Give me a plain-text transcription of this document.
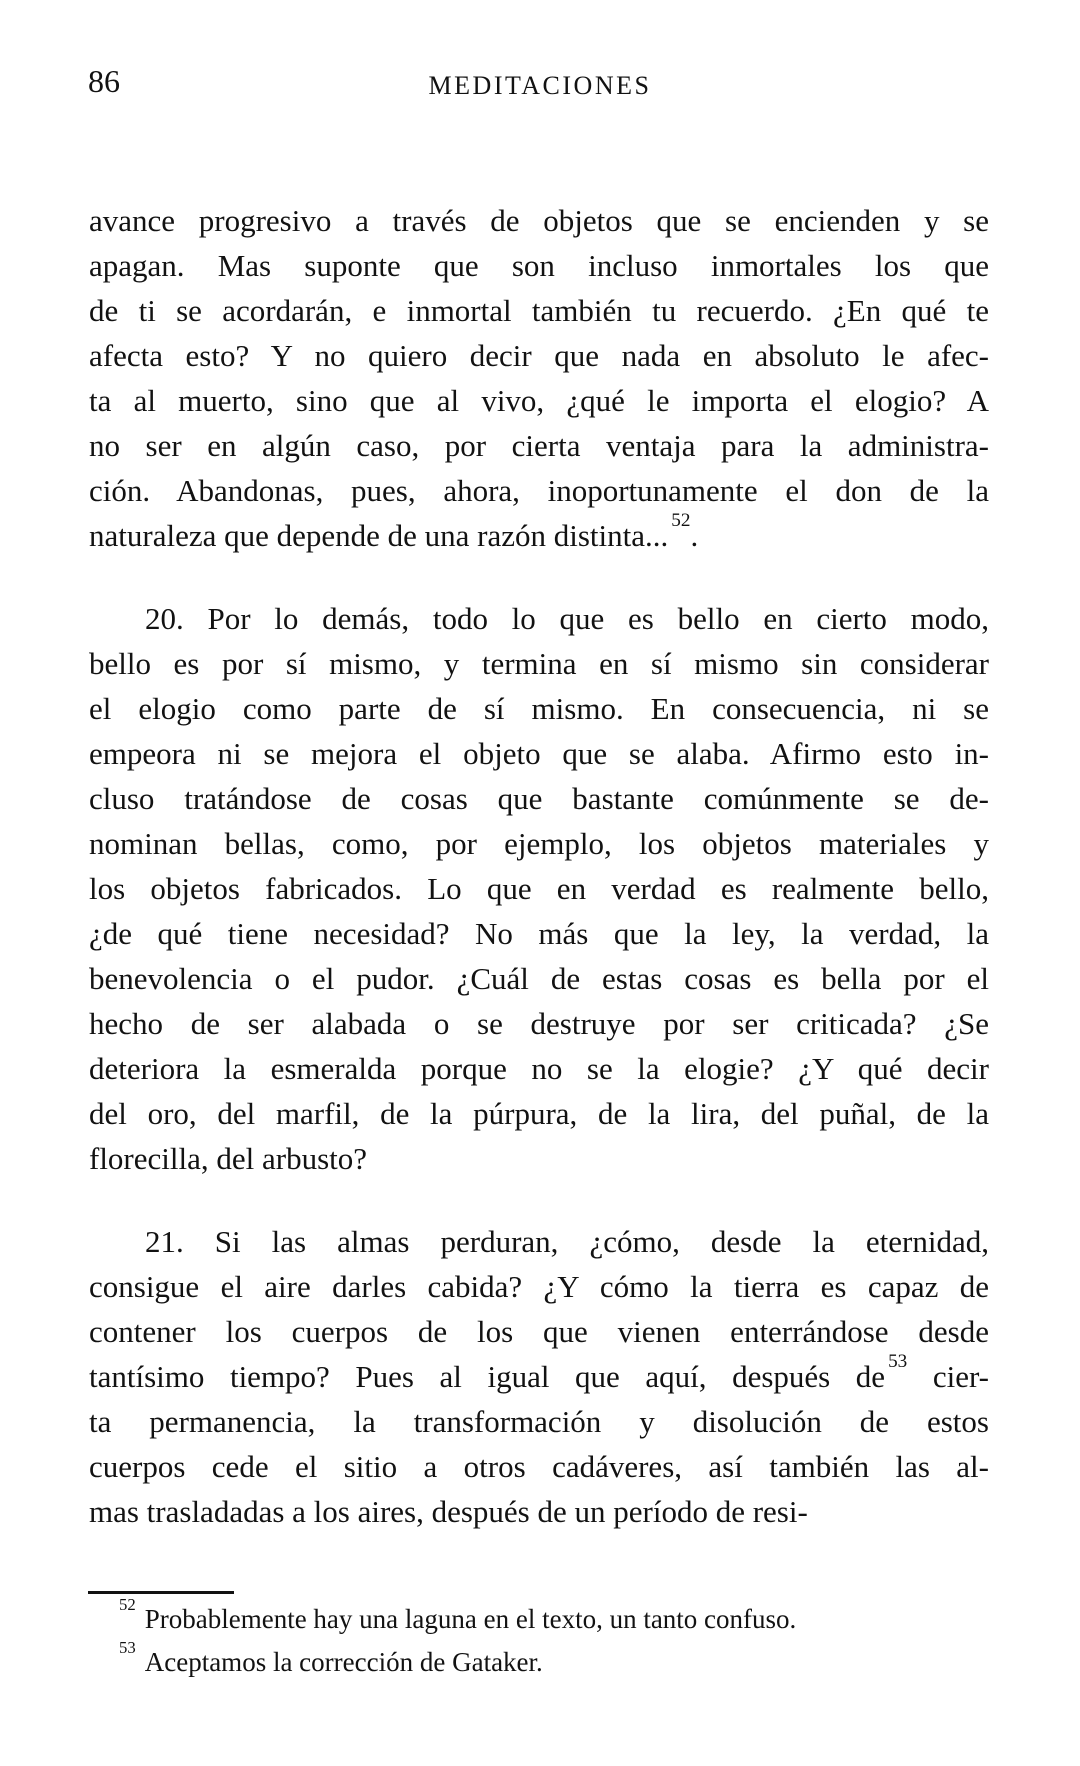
86	MEDITACIONES
avance progresivo a través de objetos que se encienden y se
apagan. Mas suponte que son incluso inmortales los que
de ti se acordarán, e inmortal también tu recuerdo. ¿En qué te
afecta esto? Y no quiero decir que nada en absoluto le afec-
ta al muerto, sino que al vivo, ¿qué le importa el elogio? A
no ser en algún caso, por cierta ventaja para la administra-
ción. Abandonas, pues, ahora, inoportunamente el don de la
naturaleza que depende de una razón distinta... $^{52}$.
20. Por lo demás, todo lo que es bello en cierto modo,
bello es por sí mismo, y termina en sí mismo sin considerar
el elogio como parte de sí mismo. En consecuencia, ni se
empeora ni se mejora el objeto que se alaba. Afirmo esto in-
cluso tratándose de cosas que bastante comúnmente se de-
nominan bellas, como, por ejemplo, los objetos materiales y
los objetos fabricados. Lo que en verdad es realmente bello,
¿de qué tiene necesidad? No más que la ley, la verdad, la
benevolencia o el pudor. ¿Cuál de estas cosas es bella por el
hecho de ser alabada o se destruye por ser criticada? ¿Se
deteriora la esmeralda porque no se la elogie? ¿Y qué decir
del oro, del marfil, de la púrpura, de la lira, del puñal, de la
florecilla, del arbusto?
21. Si las almas perduran, ¿cómo, desde la eternidad,
consigue el aire darles cabida? ¿Y cómo la tierra es capaz de
contener los cuerpos de los que vienen enterrándose desde
tantísimo tiempo? Pues al igual que aquí, después de $^{53}$ cier-
ta permanencia, la transformación y disolución de estos
cuerpos cede el sitio a otros cadáveres, así también las al-
mas trasladadas a los aires, después de un período de resi-
$^{52}$ Probablemente hay una laguna en el texto, un tanto confuso.
$^{53}$ Aceptamos la corrección de Gataker.
